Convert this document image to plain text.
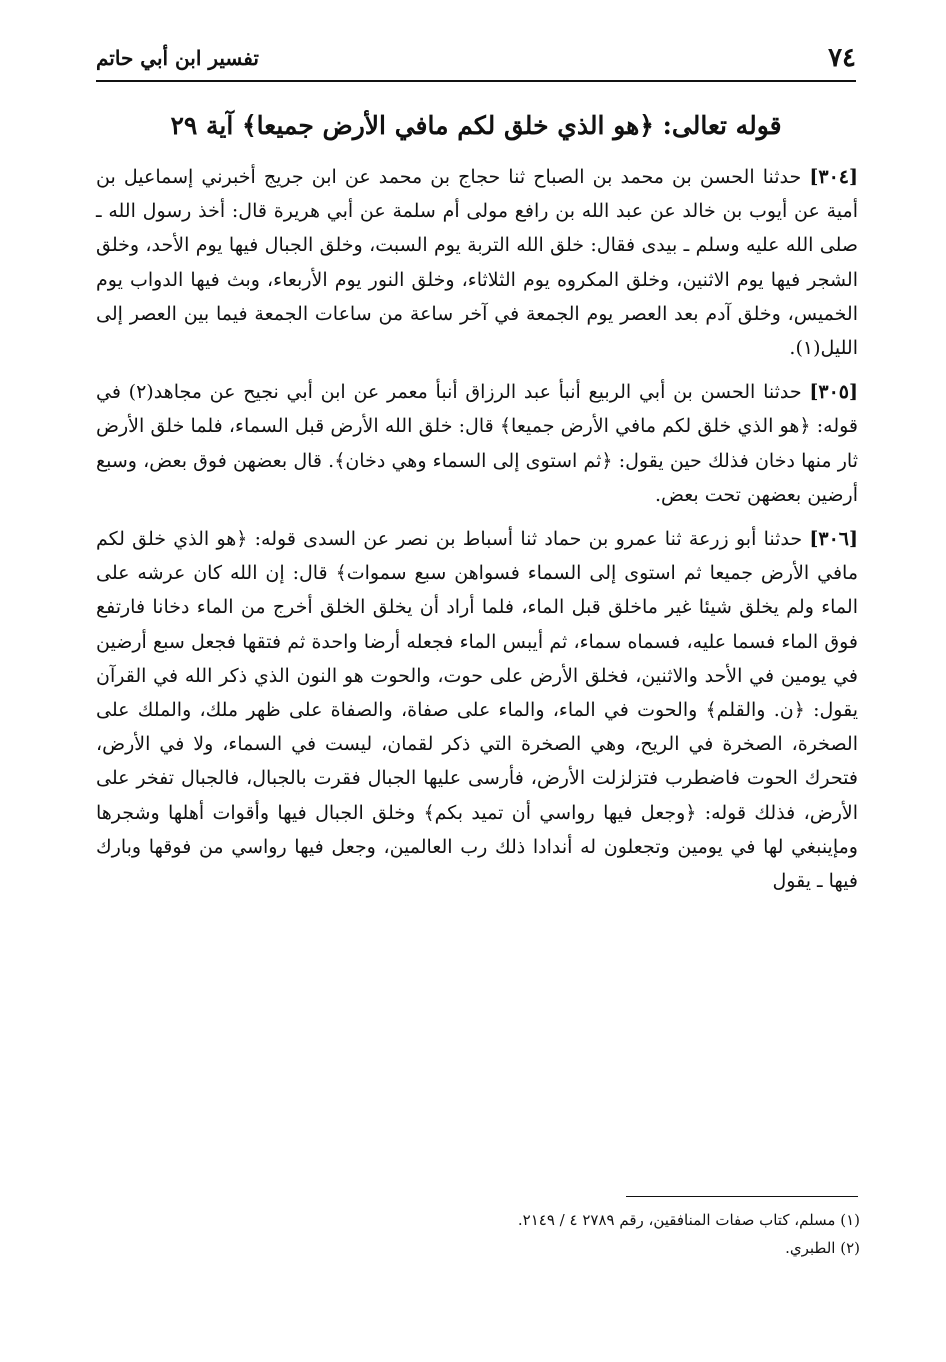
٧٤
تفسير ابن أبي حاتم
قوله تعالى: ﴿هو الذي خلق لكم مافي الأرض جميعا﴾ آية ٢٩

[٣٠٤] حدثنا الحسن بن محمد بن الصباح ثنا حجاج بن محمد عن ابن جريج أخبرني إسماعيل بن أمية عن أيوب بن خالد عن عبد الله بن رافع مولى أم سلمة عن أبي هريرة قال: أخذ رسول الله ـ صلى الله عليه وسلم ـ بيدى فقال: خلق الله التربة يوم السبت، وخلق الجبال فيها يوم الأحد، وخلق الشجر فيها يوم الاثنين، وخلق المكروه يوم الثلاثاء، وخلق النور يوم الأربعاء، وبث فيها الدواب يوم الخميس، وخلق آدم بعد العصر يوم الجمعة في آخر ساعة من ساعات الجمعة فيما بين العصر إلى الليل(١).

[٣٠٥] حدثنا الحسن بن أبي الربيع أنبأ عبد الرزاق أنبأ معمر عن ابن أبي نجيح عن مجاهد(٢) في قوله: ﴿هو الذي خلق لكم مافي الأرض جميعا﴾ قال: خلق الله الأرض قبل السماء، فلما خلق الأرض ثار منها دخان فذلك حين يقول: ﴿ثم استوى إلى السماء وهي دخان﴾. قال بعضهن فوق بعض، وسبع أرضين بعضهن تحت بعض.

[٣٠٦] حدثنا أبو زرعة ثنا عمرو بن حماد ثنا أسباط بن نصر عن السدى قوله: ﴿هو الذي خلق لكم مافي الأرض جميعا ثم استوى إلى السماء فسواهن سبع سموات﴾ قال: إن الله كان عرشه على الماء ولم يخلق شيئا غير ماخلق قبل الماء، فلما أراد أن يخلق الخلق أخرج من الماء دخانا فارتفع فوق الماء فسما عليه، فسماه سماء، ثم أيبس الماء فجعله أرضا واحدة ثم فتقها فجعل سبع أرضين في يومين في الأحد والاثنين، فخلق الأرض على حوت، والحوت هو النون الذي ذكر الله في القرآن يقول: ﴿ن. والقلم﴾ والحوت في الماء، والماء على صفاة، والصفاة على ظهر ملك، والملك على الصخرة، الصخرة في الريح، وهي الصخرة التي ذكر لقمان، ليست في السماء، ولا في الأرض، فتحرك الحوت فاضطرب فتزلزلت الأرض، فأرسى عليها الجبال فقرت بالجبال، فالجبال تفخر على الأرض، فذلك قوله: ﴿وجعل فيها رواسي أن تميد بكم﴾ وخلق الجبال فيها وأقوات أهلها وشجرها ومإينبغي لها في يومين وتجعلون له أندادا ذلك رب العالمين، وجعل فيها رواسي من فوقها وبارك فيها ـ يقول

(١) مسلم، كتاب صفات المنافقين، رقم ٢٧٨٩ ٤ / ٢١٤٩.

(٢) الطبري.
